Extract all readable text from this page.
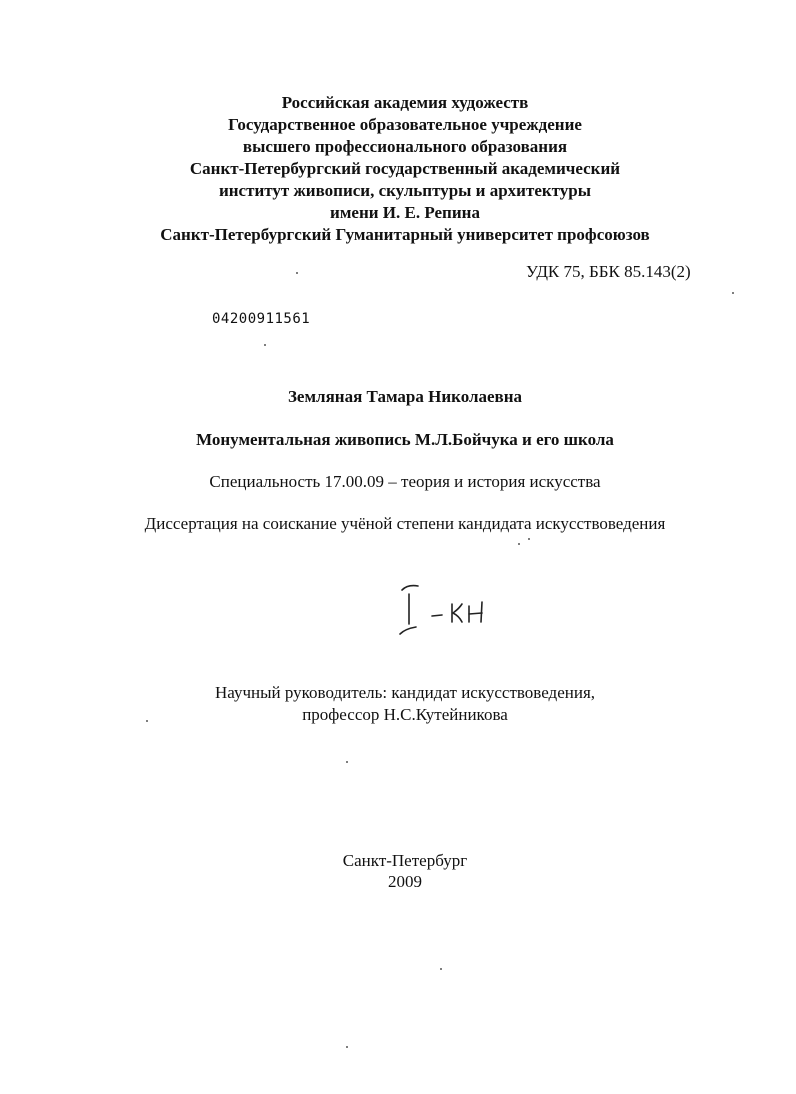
Российская академия художеств
Государственное образовательное учреждение
высшего профессионального образования
Санкт-Петербургский государственный академический
институт живописи, скульптуры и архитектуры
имени И. Е. Репина
Санкт-Петербургский Гуманитарный университет профсоюзов
УДК 75, ББК 85.143(2)
04200911561
Земляная Тамара Николаевна
Монументальная живопись М.Л.Бойчука и его школа
Специальность 17.00.09 – теория и история искусства
Диссертация на соискание учёной степени кандидата искусствоведения
Научный руководитель: кандидат искусствоведения,
профессор Н.С.Кутейникова
Санкт-Петербург
2009
